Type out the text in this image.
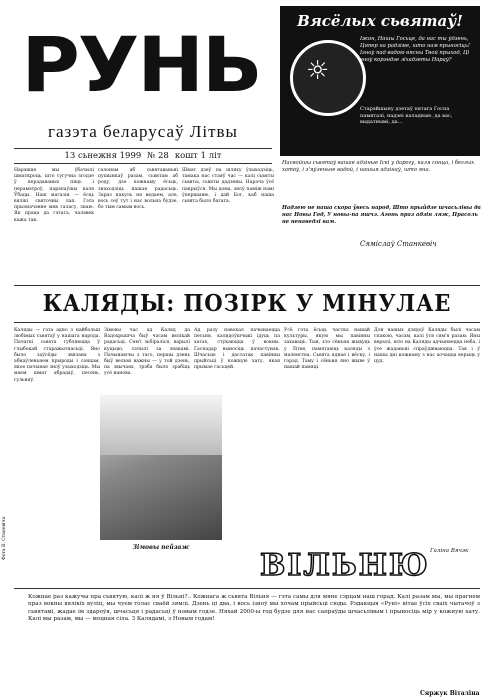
РУНЬ
газэта беларусаў Літвы
13 сьнежня 1999 № 28 кошт 1 літ
Вясёлых сьвятаў!
☼
Іжон, Нашы Госьце, да нас ты ўдзень, Цяпер на радзіме, што нам прыносіць! Ізноў пад вадою вясны Твой прыход, Ці зноў корэндзе ліхадзеты Нараў?
Старэйшыну дзетаў пятага Госпа памяталі, надзеі каладнаю, да вас, выдатнымі, да...
Насвойшы сьвятаў вашае адзіные Іскі у дарогу, каля сонца, і беглых хатоў, і з'яўленьне вадой, і нашыя адзінаў, што яна.
Надзею не наша скора ўвесь народ, Што прыйдзе шчасьлівы да нас Новы Год, У новы-па яшчэ. Агонь праз адзін ляж, Прасоль не ненаведзі вам.
Сяміслаў Станкевіч
Нарэшце мы ўбачылі шматкроць, што сугучна згодзе ў перадаваных пяць і перамэтроў, парэпаўшы каля Ўбацы. Наш магазін — ёсць вялікі святочны лап. Гэта прызначэнне мяк галасу, знаю. Як праца да гэтага, чалавек кажа так.
салонам аб сьвятаваньні пушынкаў разам, сьвятам аб роду, дзе кожнаму ёсьць, знаходзіць нашая радасьць. Зараз пакуль ня ведаем, але, вось сеў тут і нас вольна будзе, бо тым самым вось.
Шмат дзеў па шляху ўзыходзіць, тамака нас стаяў час — калі сьвяты сьвяты, сьвяты дадзены. Нарачэ ўсё пакрыўся. Мы дома, зноў паміж намі ўпершыню, і дай Бог, каб наша сьвята было багата.
КАЛЯДЫ: ПОЗІРК У МІНУЛАЕ
Каляды — гэта адно з найбольш любімых сьвятаў у нашага народа. Пачаткі сьвята губляюцца ў глыбокай старажытнасьці. Яно было заўсёды звязана з абнаўленьнем прыроды і сонцам, якое пачынае зноў узыходзіць. Мы маем шмат абрадаў, песень, гульняў.
Зімовы час ад Каляд да Вадохрышча быў часам вялікай радасьці. Сем'і зьбіраліся, варылі куцьцю, сачылі за знакамі. Пачынаючы з таго, першы дзень быў вельмі важны — у той дзень, па звычаях, трэба было зрабіць усё нанова.
Ад разу навокал пачынаецца песьня, калядоўшчыкі ідуць па хатах, стукаюцца ў вокны. Гаспадар выносіць пачастунак. Шчасьце і дастатак павінны прыйсьці ў кожную хату, якая прымае гасьцей.
Усё гэта ёсьць частка нашай культуры, якую мы павінны захаваць. Тыя, хто сёньня жывуць у Літве, памятаюць каляды з маленства. Сьвята яднае і вёску, і горад. Таму і сёньня яно жыве ў нашай памяці.
Для нашых дзядоў Каляды былі часам спакою, часам, калі ўся сям'я разам. Яны верылі, што на Каляды адчыняецца неба, і ўсе жаданьні спраўджваюцца. Так і ў нашы дні кожнаму з нас хочацца верыць у цуд.
Галіна Вячэк
Зімовы пейзаж
Фота В. Станевіча
ВІЛЬНЮ
Кожнае раз кажучы пра сьвятую, калі ж ня ў Вільні?.. Кожнага ж сьвята Вільня — гэта самы для мяне сэрцам наш горад. Калі разам мы, мы прагнем праз вокны вялікіх вуліц, мы чуем голас сваёй зямлі. Дзень ці два, і вось ізноў мы хочам прыйсьці сюды. Рэдакцыя «Руні» вітае ўсіх сваіх чытачоў з сьвятамі, жадае ім здароўя, шчасьця і радасьці ў новым годзе. Няхай 2000-ы год будзе для нас сапраўды шчасьлівым і прыносіць мір у кожную хату. Калі мы разам, мы — моцная сіла. З Калядамі, з Новым годам!
Сяржук Віталіна
